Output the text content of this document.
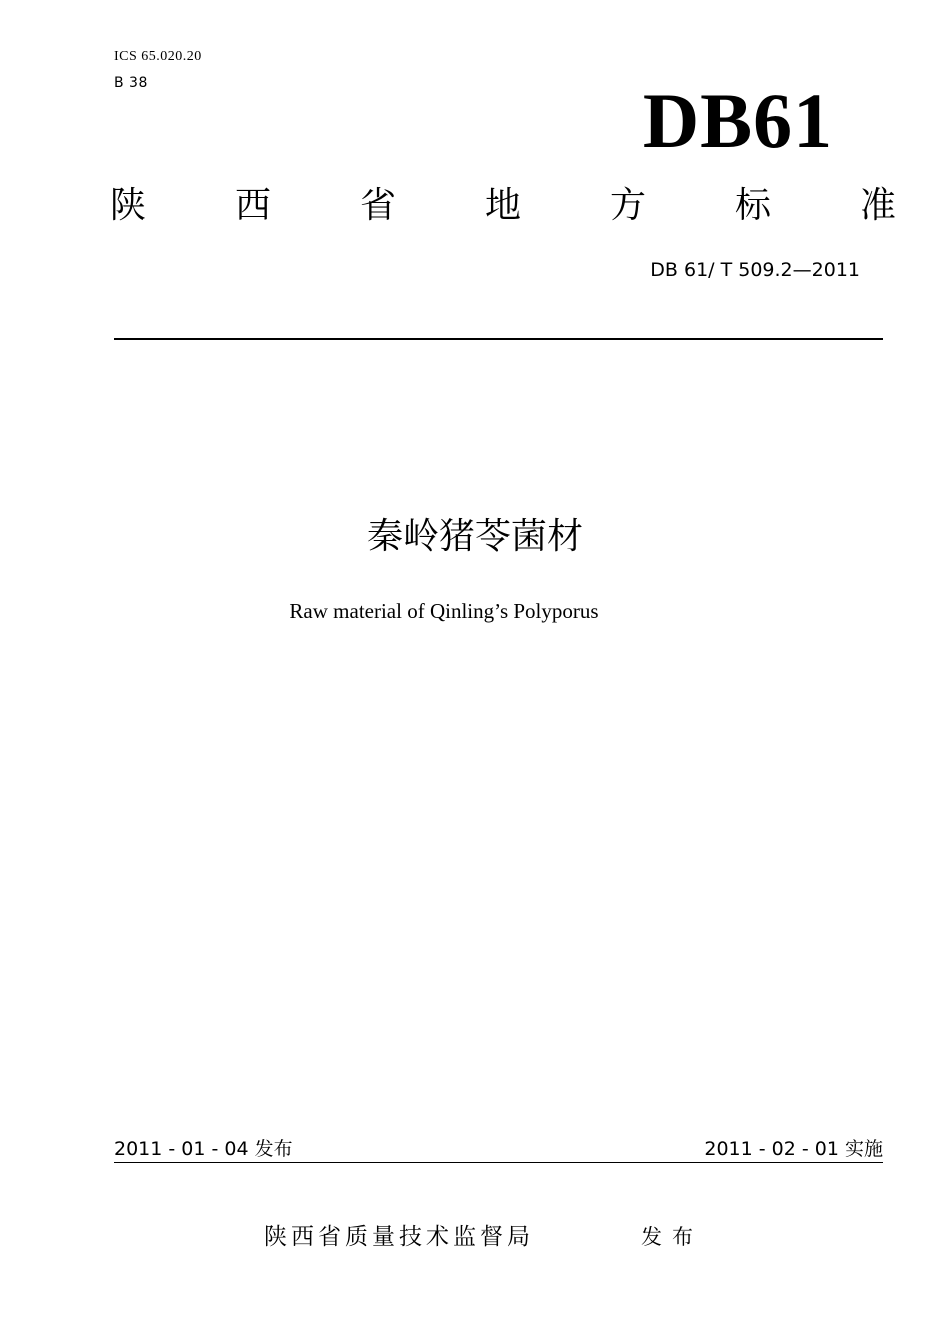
ICS 65.020.20
B 38	DB61
陕 西 省 地 方 标 准
DB 61/ T 509.2—2011
秦岭猪苓菌材
Raw material of Qinling’s Polyporus
2011 - 01 - 04 发布	2011 - 02 - 01 实施
陕西省质量技术监督局	发布
